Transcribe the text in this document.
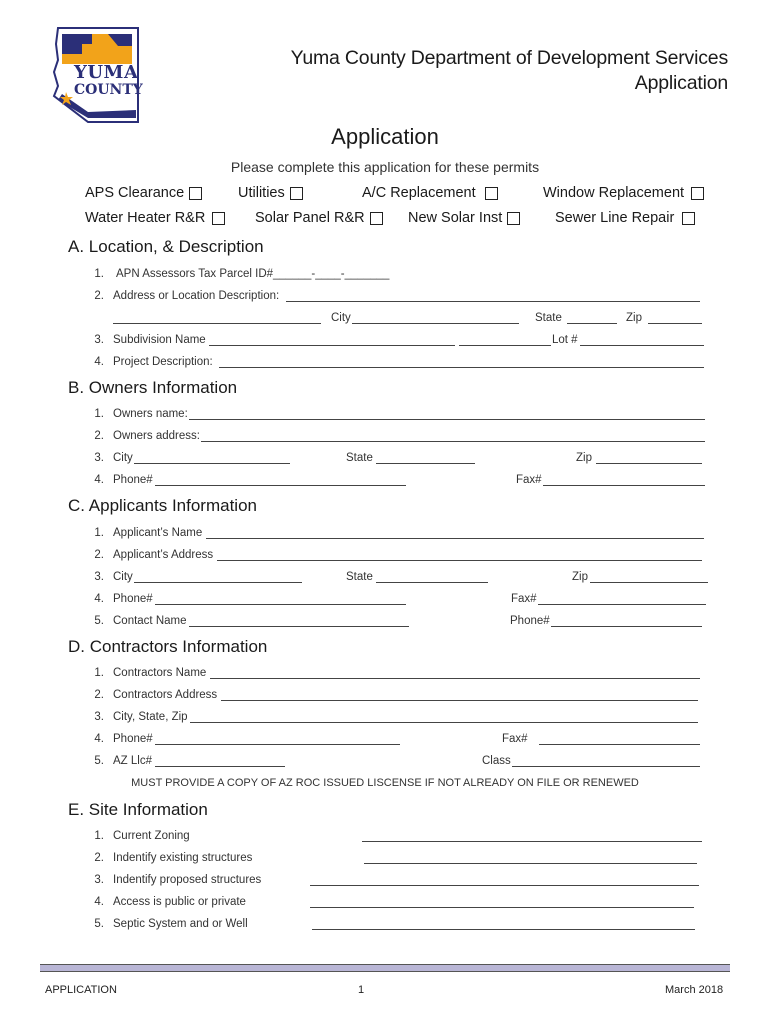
YUMA
COUNTY
ARIZONA
Yuma County Department of Development Services
Application
Application
Please complete this application for these permits
APS Clearance	Utilities	A/C Replacement	Window Replacement
Water Heater R&R	Solar Panel R&R	New Solar Inst	Sewer Line Repair
A. Location, & Description
1. APN Assessors Tax Parcel ID#______-____-_______
2. Address or Location Description:
City	State	Zip
3. Subdivision Name	Lot #
4. Project Description:
B. Owners Information
1. Owners name:
2. Owners address:
3. City	State	Zip
4. Phone#	Fax#
C. Applicants Information
1. Applicant’s Name
2. Applicant’s Address
3. City	State	Zip
4. Phone#	Fax#
5. Contact Name	Phone#
D. Contractors Information
1. Contractors Name
2. Contractors Address
3. City, State, Zip
4. Phone#	Fax#
5. AZ Llc#	Class
MUST PROVIDE A COPY OF AZ ROC ISSUED LISCENSE IF NOT ALREADY ON FILE OR RENEWED
E. Site Information
1. Current Zoning
2. Indentify existing structures
3. Indentify proposed structures
4. Access is public or private
5. Septic System and or Well
APPLICATION	1	March 2018
